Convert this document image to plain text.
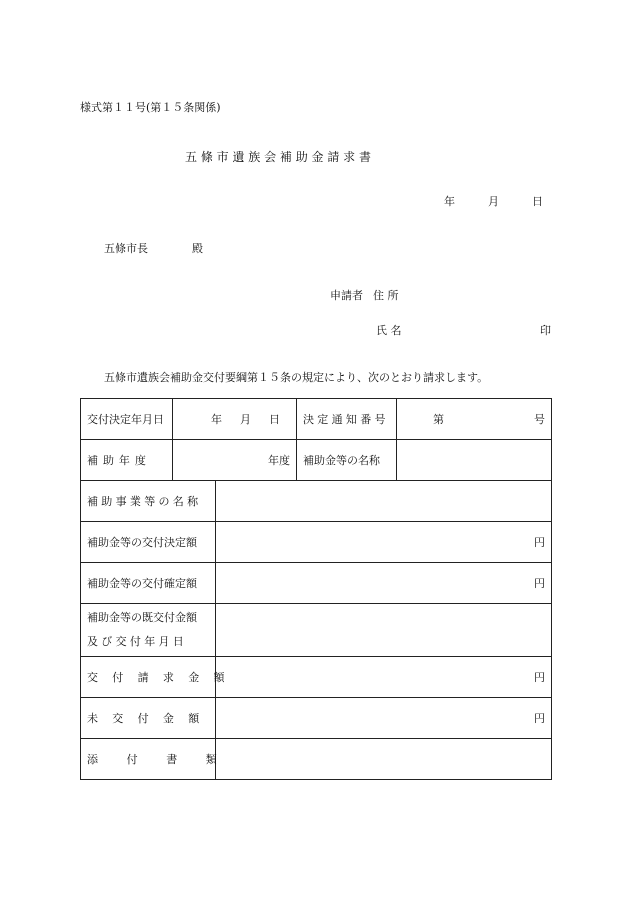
様式第１１号(第１５条関係)
五 條 市 遺 族 会 補 助 金 請 求 書
年	月	日
五條市長	殿
申請者 住 所
氏 名	印
五條市遺族会補助金交付要綱第１５条の規定により、次のとおり請求します。
交付決定年月日	年 月 日		決定通知番号	第 号

補助年度	年度		補助金等の名称	
補助事業等の名称				
補助金等の交付決定額		円		
補助金等の交付確定額		円		

補助金等の既交付金額
及び交付年月日				

交付請求金額		円		
未交付金額		円		
添付書類				
